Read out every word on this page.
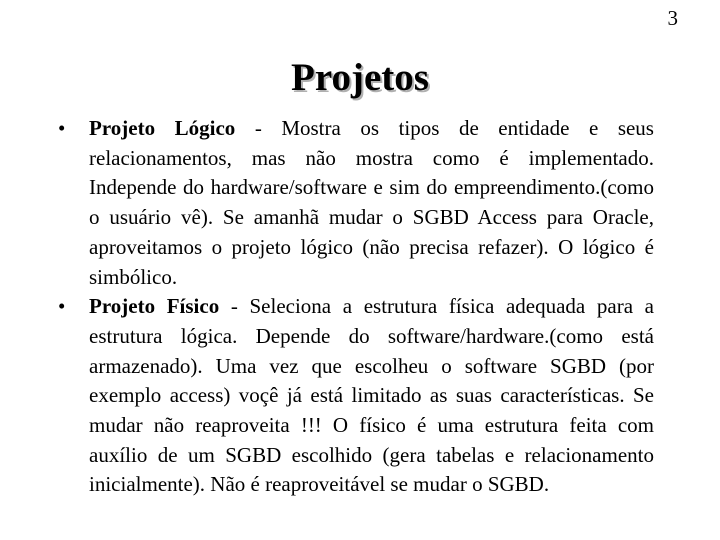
3
Projetos
• Projeto Lógico - Mostra os tipos de entidade e seus relacionamentos, mas não mostra como é implementado. Independe do hardware/software e sim do empreendimento.(como o usuário vê). Se amanhã mudar o SGBD Access para Oracle, aproveitamos o projeto lógico (não precisa refazer). O lógico é simbólico.
• Projeto Físico - Seleciona a estrutura física adequada para a estrutura lógica. Depende do software/hardware.(como está armazenado). Uma vez que escolheu o software SGBD (por exemplo access) voçê já está limitado as suas características. Se mudar não reaproveita !!! O físico é uma estrutura feita com auxílio de um SGBD escolhido (gera tabelas e relacionamento inicialmente). Não é reaproveitável se mudar o SGBD.
